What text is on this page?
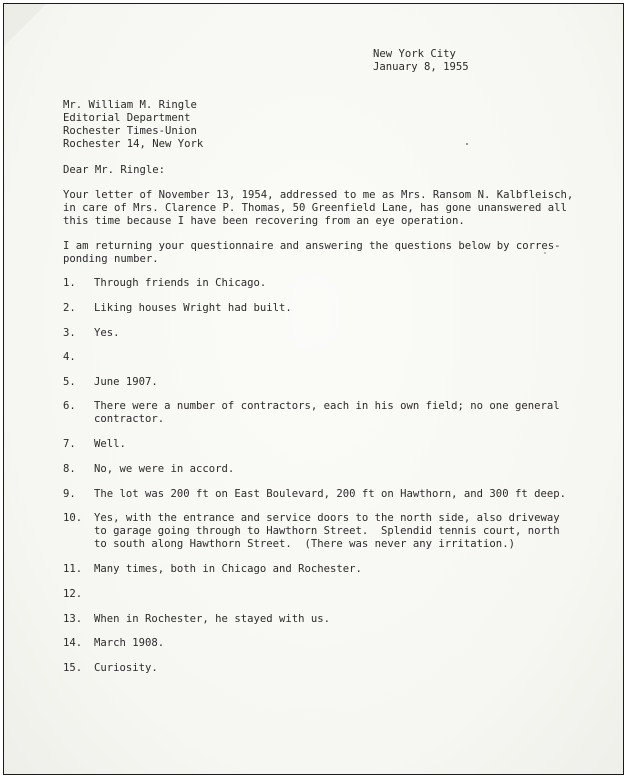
New York City
January 8, 1955
Mr. William M. Ringle
Editorial Department
Rochester Times-Union
Rochester 14, New York
Dear Mr. Ringle:
Your letter of November 13, 1954, addressed to me as Mrs. Ransom N. Kalbfleisch,
in care of Mrs. Clarence P. Thomas, 50 Greenfield Lane, has gone unanswered all
this time because I have been recovering from an eye operation.
I am returning your questionnaire and answering the questions below by corres-
ponding number.
1. Through friends in Chicago.
2. Liking houses Wright had built.
3. Yes.
4.
5. June 1907.
6. There were a number of contractors, each in his own field; no one general
contractor.
7. Well.
8. No, we were in accord.
9. The lot was 200 ft on East Boulevard, 200 ft on Hawthorn, and 300 ft deep.
10. Yes, with the entrance and service doors to the north side, also driveway
to garage going through to Hawthorn Street.  Splendid tennis court, north
to south along Hawthorn Street.  (There was never any irritation.)
11. Many times, both in Chicago and Rochester.
12.
13. When in Rochester, he stayed with us.
14. March 1908.
15. Curiosity.
